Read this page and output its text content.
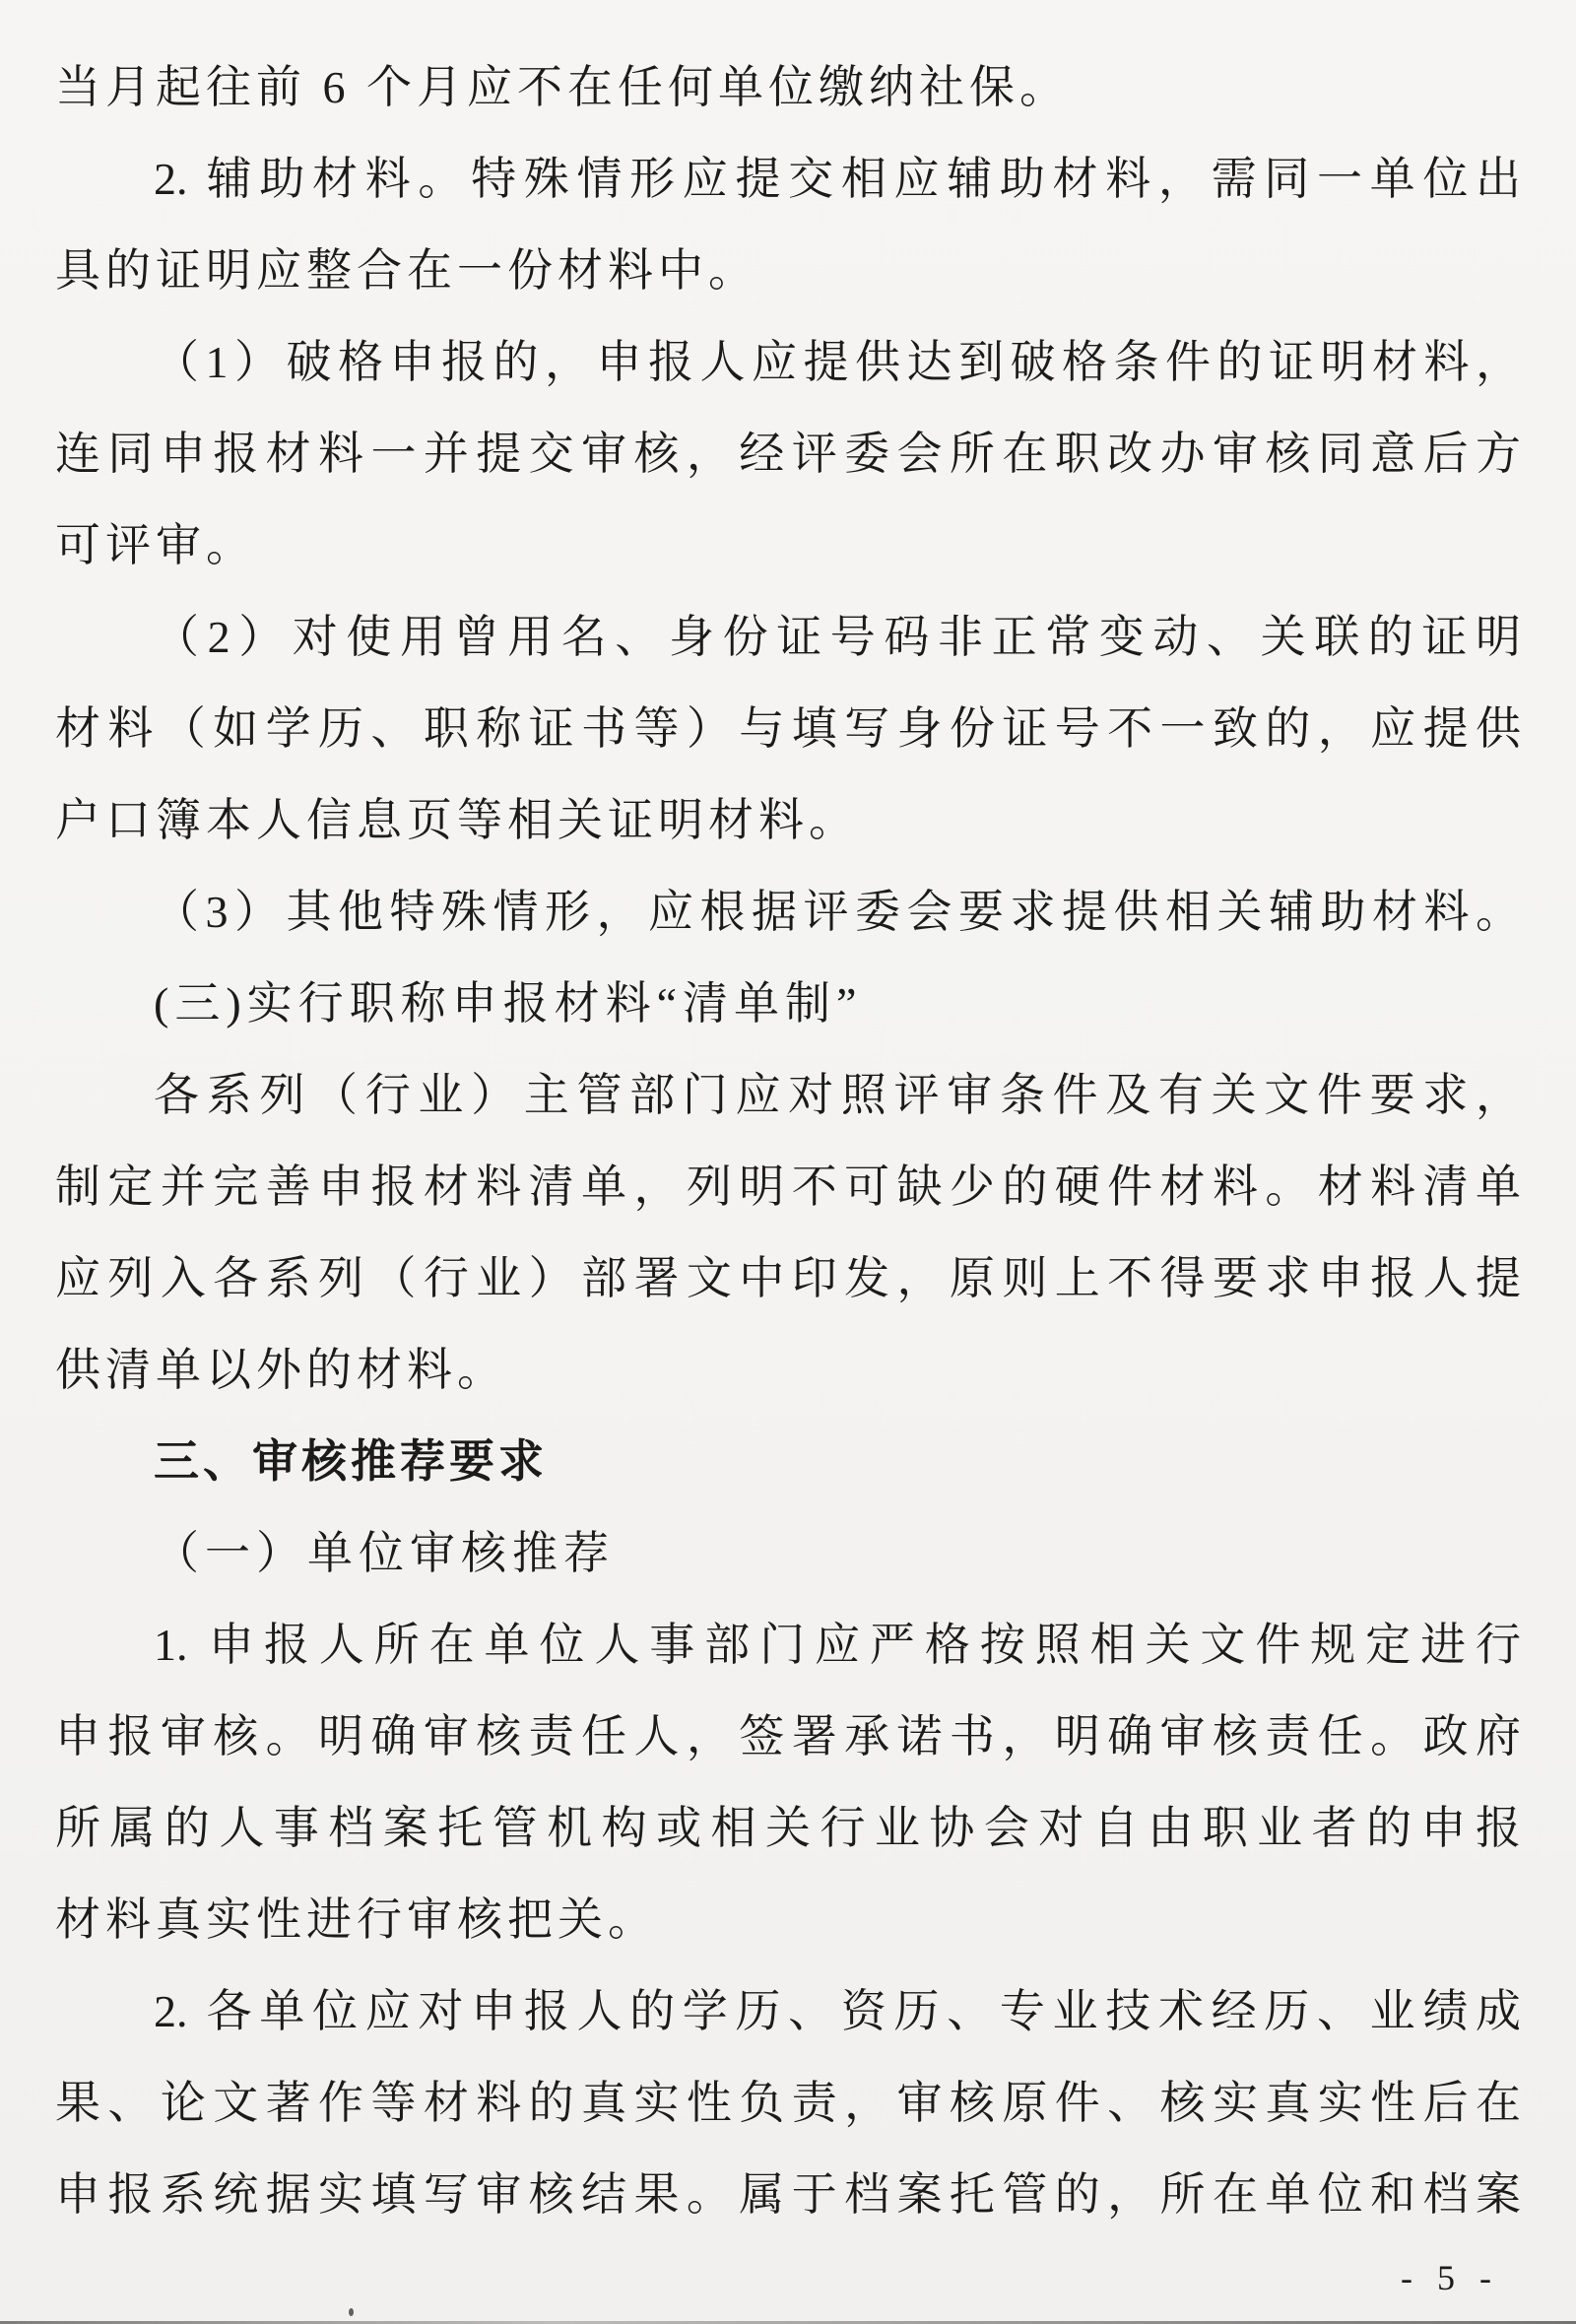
当月起往前 6 个月应不在任何单位缴纳社保。

2. 辅助材料。特殊情形应提交相应辅助材料，需同一单位出

具的证明应整合在一份材料中。

（1）破格申报的，申报人应提供达到破格条件的证明材料，

连同申报材料一并提交审核，经评委会所在职改办审核同意后方

可评审。

（2）对使用曾用名、身份证号码非正常变动、关联的证明

材料（如学历、职称证书等）与填写身份证号不一致的，应提供

户口簿本人信息页等相关证明材料。

（3）其他特殊情形，应根据评委会要求提供相关辅助材料。

(三)实行职称申报材料“清单制”

各系列（行业）主管部门应对照评审条件及有关文件要求，

制定并完善申报材料清单，列明不可缺少的硬件材料。材料清单

应列入各系列（行业）部署文中印发，原则上不得要求申报人提

供清单以外的材料。

三、审核推荐要求

（一）单位审核推荐

1. 申报人所在单位人事部门应严格按照相关文件规定进行

申报审核。明确审核责任人，签署承诺书，明确审核责任。政府

所属的人事档案托管机构或相关行业协会对自由职业者的申报

材料真实性进行审核把关。

2. 各单位应对申报人的学历、资历、专业技术经历、业绩成

果、论文著作等材料的真实性负责，审核原件、核实真实性后在

申报系统据实填写审核结果。属于档案托管的，所在单位和档案

- 5 -
